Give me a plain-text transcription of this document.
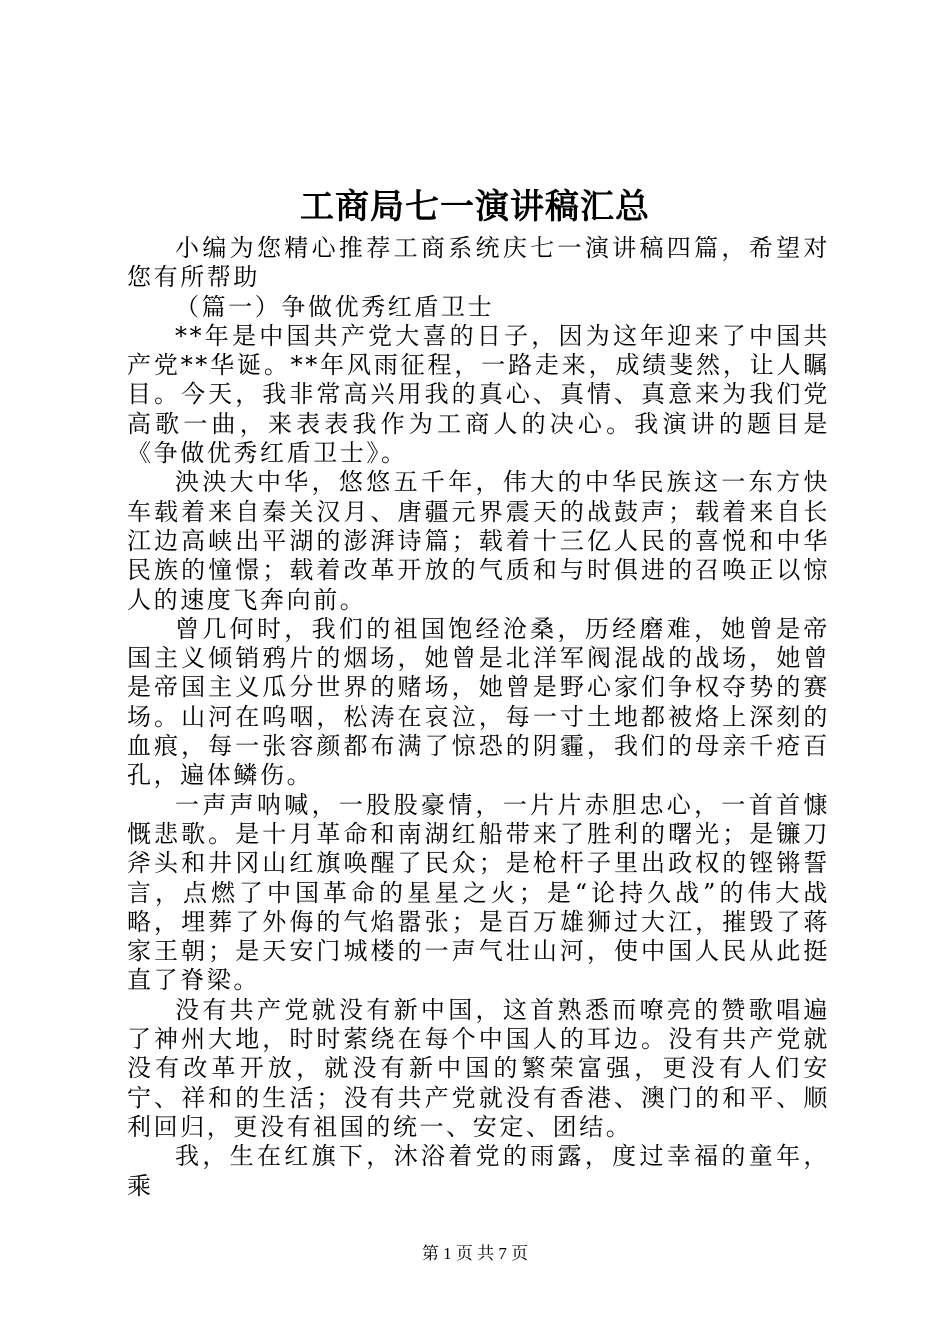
工商局七一演讲稿汇总

小编为您精心推荐工商系统庆七一演讲稿四篇，希望对您有所帮助

（篇一）争做优秀红盾卫士

**年是中国共产党大喜的日子，因为这年迎来了中国共产党**华诞。**年风雨征程，一路走来，成绩斐然，让人瞩目。今天，我非常高兴用我的真心、真情、真意来为我们党高歌一曲，来表表我作为工商人的决心。我演讲的题目是《争做优秀红盾卫士》。

泱泱大中华，悠悠五千年，伟大的中华民族这一东方快车载着来自秦关汉月、唐疆元界震天的战鼓声；载着来自长江边高峡出平湖的澎湃诗篇；载着十三亿人民的喜悦和中华民族的憧憬；载着改革开放的气质和与时俱进的召唤正以惊人的速度飞奔向前。

曾几何时，我们的祖国饱经沧桑，历经磨难，她曾是帝国主义倾销鸦片的烟场，她曾是北洋军阀混战的战场，她曾是帝国主义瓜分世界的赌场，她曾是野心家们争权夺势的赛场。山河在呜咽，松涛在哀泣，每一寸土地都被烙上深刻的血痕，每一张容颜都布满了惊恐的阴霾，我们的母亲千疮百孔，遍体鳞伤。

一声声呐喊，一股股豪情，一片片赤胆忠心，一首首慷慨悲歌。是十月革命和南湖红船带来了胜利的曙光；是镰刀斧头和井冈山红旗唤醒了民众；是枪杆子里出政权的铿锵誓言，点燃了中国革命的星星之火；是“论持久战”的伟大战略，埋葬了外侮的气焰嚣张；是百万雄狮过大江，摧毁了蒋家王朝；是天安门城楼的一声气壮山河，使中国人民从此挺直了脊梁。

没有共产党就没有新中国，这首熟悉而嘹亮的赞歌唱遍了神州大地，时时萦绕在每个中国人的耳边。没有共产党就没有改革开放，就没有新中国的繁荣富强，更没有人们安宁、祥和的生活；没有共产党就没有香港、澳门的和平、顺利回归，更没有祖国的统一、安定、团结。

我，生在红旗下，沐浴着党的雨露，度过幸福的童年，乘

第 1 页 共 7 页
